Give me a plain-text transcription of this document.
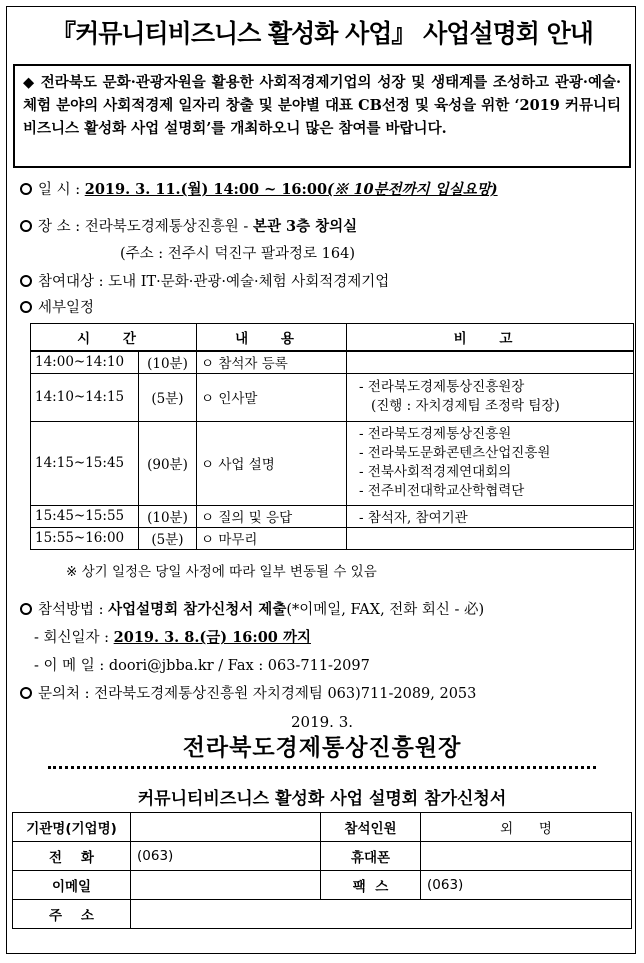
『커뮤니티비즈니스 활성화 사업』 사업설명회 안내
◆ 전라북도 문화·관광자원을 활용한 사회적경제기업의 성장 및 생태계를 조성하고 관광·예술·체험 분야의 사회적경제 일자리 창출 및 분야별 대표 CB선정 및 육성을 위한 ‘2019 커뮤니티비즈니스 활성화 사업 설명회’를 개최하오니 많은 참여를 바랍니다.
일 시 : 2019. 3. 11.(월) 14:00 ~ 16:00(※ 10분전까지 입실요망)
장 소 : 전라북도경제통상진흥원 - 본관 3층 창의실
(주소 : 전주시 덕진구 팔과정로 164)
참여대상 : 도내 IT·문화·관광·예술·체험 사회적경제기업
세부일정
시 간		내 용	비 고
14:00~14:10	(10분)	ㅇ 참석자 등록	
14:10~14:15	(5분)	ㅇ 인사말	- 전라북도경제통상진흥원장
(진행 : 자치경제팀 조정락 팀장)

14:15~15:45	(90분)	ㅇ 사업 설명	- 전라북도경제통상진흥원
- 전라북도문화콘텐츠산업진흥원
- 전북사회적경제연대회의
- 전주비전대학교산학협력단

15:45~15:55	(10분)	ㅇ 질의 및 응답	- 참석자, 참여기관

15:55~16:00	(5분)	ㅇ 마무리	
※ 상기 일정은 당일 사정에 따라 일부 변동될 수 있음
참석방법 : 사업설명회 참가신청서 제출(*이메일, FAX, 전화 회신 - 必)
- 회신일자 : 2019. 3. 8.(금) 16:00 까지
- 이 메 일 : doori@jbba.kr / Fax : 063-711-2097
문의처 : 전라북도경제통상진흥원 자치경제팀 063)711-2089, 2053
2019. 3.
전라북도경제통상진흥원장
커뮤니티비즈니스 활성화 사업 설명회 참가신청서
기관명(기업명)		참석인원	외      명
전    화	(063)	휴대폰	
이메일		팩  스	(063)
주    소			
